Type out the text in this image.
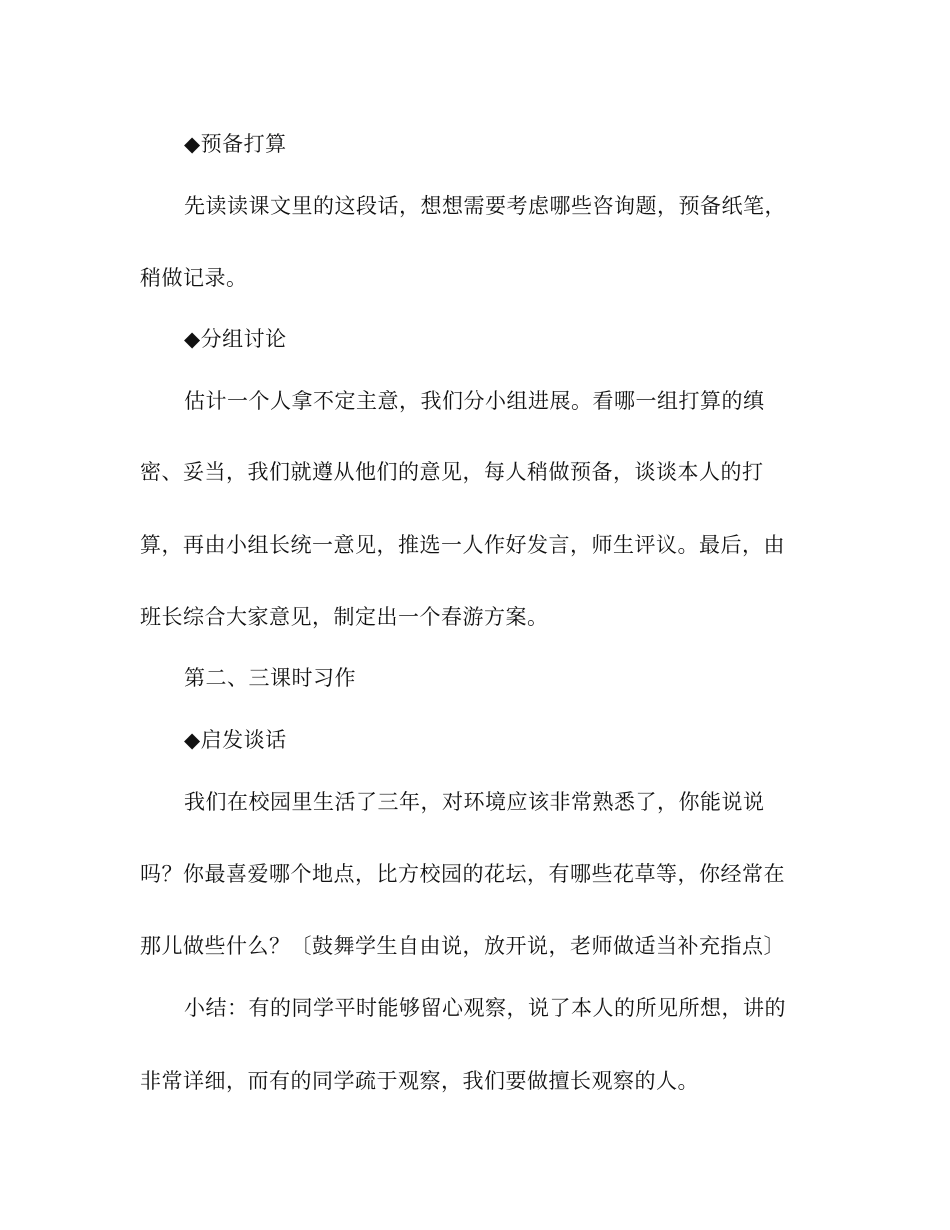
◆预备打算
先读读课文里的这段话，想想需要考虑哪些咨询题，预备纸笔，
稍做记录。
◆分组讨论
估计一个人拿不定主意，我们分小组进展。看哪一组打算的缜
密、妥当，我们就遵从他们的意见，每人稍做预备，谈谈本人的打
算，再由小组长统一意见，推选一人作好发言，师生评议。最后，由
班长综合大家意见，制定出一个春游方案。
第二、三课时习作
◆启发谈话
我们在校园里生活了三年，对环境应该非常熟悉了，你能说说
吗？你最喜爱哪个地点，比方校园的花坛，有哪些花草等，你经常在
那儿做些什么？〔鼓舞学生自由说，放开说，老师做适当补充指点〕
小结：有的同学平时能够留心观察，说了本人的所见所想，讲的
非常详细，而有的同学疏于观察，我们要做擅长观察的人。
